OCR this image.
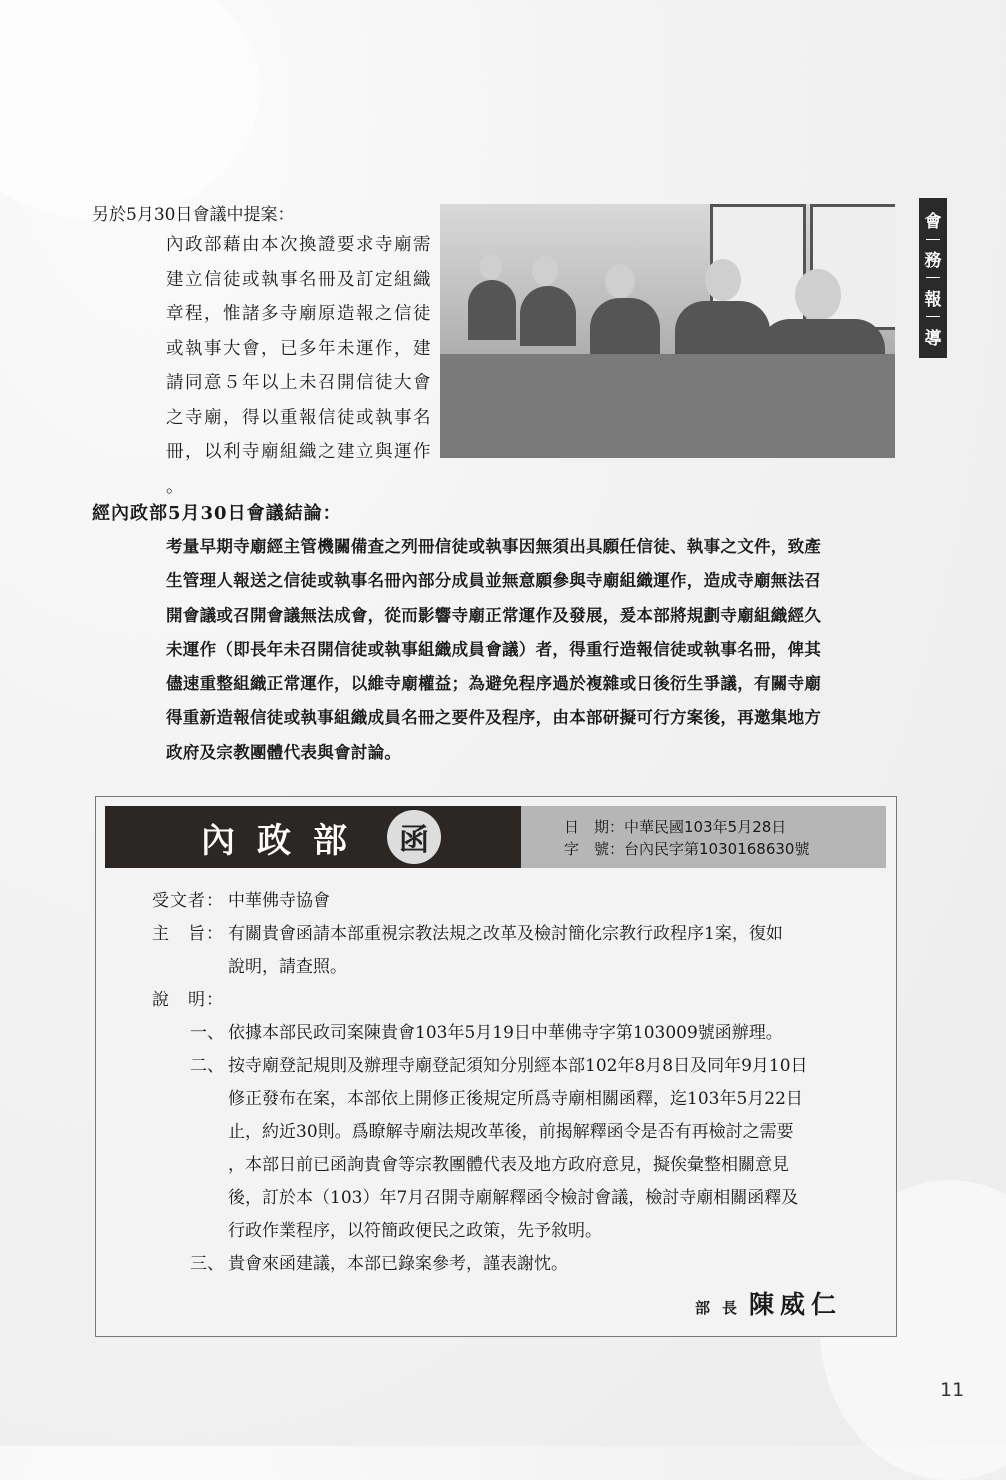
會
務
報
導
另於5月30日會議中提案：
內政部藉由本次換證要求寺廟需
建立信徒或執事名冊及訂定組織
章程，惟諸多寺廟原造報之信徒
或執事大會，已多年未運作，建
請同意５年以上未召開信徒大會
之寺廟，得以重報信徒或執事名
冊，以利寺廟組織之建立與運作
。
經內政部5月30日會議結論：
考量早期寺廟經主管機關備查之列冊信徒或執事因無須出具願任信徒、執事之文件，致產
生管理人報送之信徒或執事名冊內部分成員並無意願參與寺廟組織運作，造成寺廟無法召
開會議或召開會議無法成會，從而影響寺廟正常運作及發展，爰本部將規劃寺廟組織經久
未運作（即長年未召開信徒或執事組織成員會議）者，得重行造報信徒或執事名冊，俾其
儘速重整組織正常運作，以維寺廟權益；為避免程序過於複雜或日後衍生爭議，有關寺廟
得重新造報信徒或執事組織成員名冊之要件及程序，由本部研擬可行方案後，再邀集地方
政府及宗教團體代表與會討論。
內政部	函	日　期： 中華民國103年5月28日
字　號： 台內民字第1030168630號
受文者： 中華佛寺協會
主　旨： 有關貴會函請本部重視宗教法規之改革及檢討簡化宗教行政程序1案，復如
說明，請查照。
說　明：
一、 依據本部民政司案陳貴會103年5月19日中華佛寺字第103009號函辦理。
二、 按寺廟登記規則及辦理寺廟登記須知分別經本部102年8月8日及同年9月10日
修正發布在案，本部依上開修正後規定所爲寺廟相關函釋，迄103年5月22日
止，約近30則。爲瞭解寺廟法規改革後，前揭解釋函令是否有再檢討之需要
，本部日前已函詢貴會等宗教團體代表及地方政府意見，擬俟彙整相關意見
後，訂於本（103）年7月召開寺廟解釋函令檢討會議，檢討寺廟相關函釋及
行政作業程序，以符簡政便民之政策，先予敘明。
三、 貴會來函建議，本部已錄案參考，謹表謝忱。
部長 陳威仁
11
